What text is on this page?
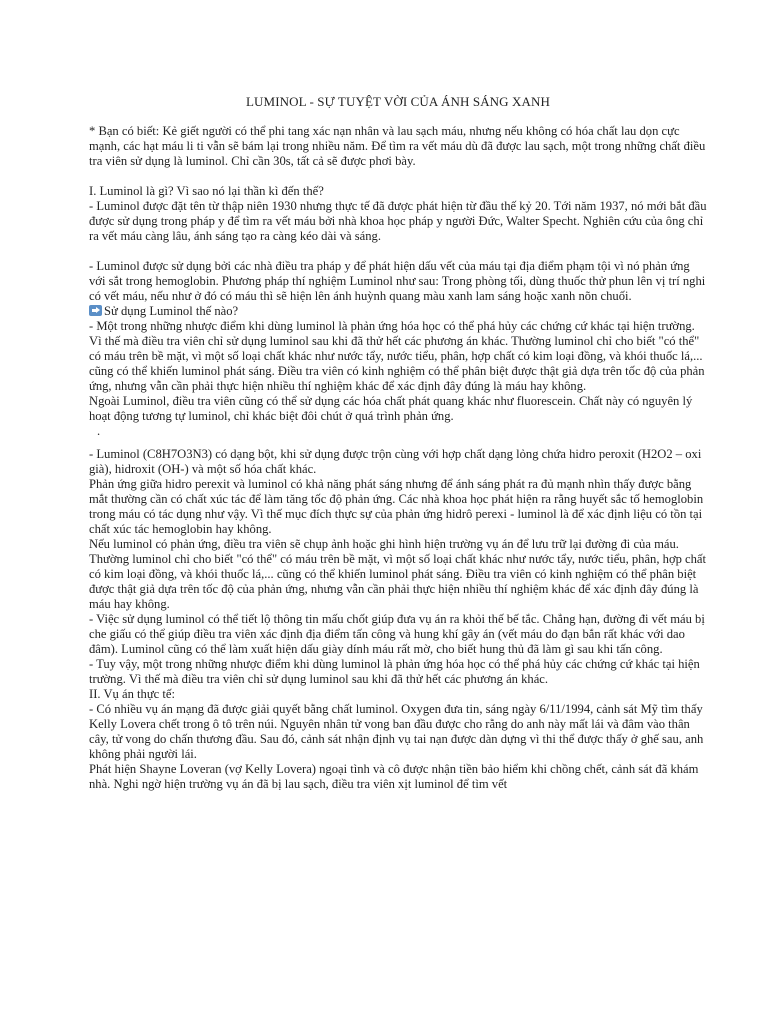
LUMINOL - SỰ TUYỆT VỜI CỦA ÁNH SÁNG XANH

* Bạn có biết: Kẻ giết người có thể phi tang xác nạn nhân và lau sạch máu, nhưng nếu không có hóa chất lau dọn cực mạnh, các hạt máu li ti vẫn sẽ bám lại trong nhiều năm. Để tìm ra vết máu dù đã được lau sạch, một trong những chất điều tra viên sử dụng là luminol. Chỉ cần 30s, tất cả sẽ được phơi bày.

I. Luminol là gì? Vì sao nó lại thần kì đến thế?

- Luminol được đặt tên từ thập niên 1930 nhưng thực tế đã được phát hiện từ đầu thế kỷ 20. Tới năm 1937, nó mới bắt đầu được sử dụng trong pháp y để tìm ra vết máu bởi nhà khoa học pháp y người Đức, Walter Specht. Nghiên cứu của ông chỉ ra vết máu càng lâu, ánh sáng tạo ra càng kéo dài và sáng.

- Luminol được sử dụng bởi các nhà điều tra pháp y để phát hiện dấu vết của máu tại địa điểm phạm tội vì nó phản ứng với sắt trong hemoglobin. Phương pháp thí nghiệm Luminol như sau: Trong phòng tối, dùng thuốc thử phun lên vị trí nghi có vết máu, nếu như ở đó có máu thì sẽ hiện lên ánh huỳnh quang màu xanh lam sáng hoặc xanh nõn chuối.

Sử dụng Luminol thế nào?

- Một trong những nhược điểm khi dùng luminol là phản ứng hóa học có thể phá hủy các chứng cứ khác tại hiện trường. Vì thế mà điều tra viên chỉ sử dụng luminol sau khi đã thử hết các phương án khác. Thường luminol chỉ cho biết "có thể" có máu trên bề mặt, vì một số loại chất khác như nước tẩy, nước tiểu, phân, hợp chất có kim loại đồng, và khói thuốc lá,... cũng có thể khiến luminol phát sáng. Điều tra viên có kinh nghiệm có thể phân biệt được thật giả dựa trên tốc độ của phản ứng, nhưng vẫn cần phải thực hiện nhiều thí nghiệm khác để xác định đây đúng là máu hay không.

Ngoài Luminol, điều tra viên cũng có thể sử dụng các hóa chất phát quang khác như fluorescein. Chất này có nguyên lý hoạt động tương tự luminol, chỉ khác biệt đôi chút ở quá trình phản ứng.

.

- Luminol (C8H7O3N3) có dạng bột, khi sử dụng được trộn cùng với hợp chất dạng lỏng chứa hidro peroxit (H2O2 – oxi già), hidroxit (OH-) và một số hóa chất khác.

Phản ứng giữa hidro perexit và luminol có khả năng phát sáng nhưng để ánh sáng phát ra đủ mạnh nhìn thấy được bằng mắt thường cần có chất xúc tác để làm tăng tốc độ phản ứng. Các nhà khoa học phát hiện ra rằng huyết sắc tố hemoglobin trong máu có tác dụng như vậy. Vì thế mục đích thực sự của phản ứng hidrô perexi - luminol là để xác định liệu có tồn tại chất xúc tác hemoglobin hay không.

Nếu luminol có phản ứng, điều tra viên sẽ chụp ảnh hoặc ghi hình hiện trường vụ án để lưu trữ lại đường đi của máu. Thường luminol chỉ cho biết "có thể" có máu trên bề mặt, vì một số loại chất khác như nước tẩy, nước tiểu, phân, hợp chất có kim loại đồng, và khói thuốc lá,... cũng có thể khiến luminol phát sáng. Điều tra viên có kinh nghiệm có thể phân biệt được thật giả dựa trên tốc độ của phản ứng, nhưng vẫn cần phải thực hiện nhiều thí nghiệm khác để xác định đây đúng là máu hay không.

- Việc sử dụng luminol có thể tiết lộ thông tin mấu chốt giúp đưa vụ án ra khỏi thế bế tắc. Chẳng hạn, đường đi vết máu bị che giấu có thể giúp điều tra viên xác định địa điểm tấn công và hung khí gây án (vết máu do đạn bắn rất khác với dao đâm). Luminol cũng có thể làm xuất hiện dấu giày dính máu rất mờ, cho biết hung thủ đã làm gì sau khi tấn công.

- Tuy vậy, một trong những nhược điểm khi dùng luminol là phản ứng hóa học có thể phá hủy các chứng cứ khác tại hiện trường. Vì thế mà điều tra viên chỉ sử dụng luminol sau khi đã thử hết các phương án khác.

II. Vụ án thực tế:

- Có nhiều vụ án mạng đã được giải quyết bằng chất luminol. Oxygen đưa tin, sáng ngày 6/11/1994, cảnh sát Mỹ tìm thấy Kelly Lovera chết trong ô tô trên núi. Nguyên nhân tử vong ban đầu được cho rằng do anh này mất lái và đâm vào thân cây, tử vong do chấn thương đầu. Sau đó, cảnh sát nhận định vụ tai nạn được dàn dựng vì thi thể được thấy ở ghế sau, anh không phải người lái.

Phát hiện Shayne Loveran (vợ Kelly Lovera) ngoại tình và cô được nhận tiền bảo hiểm khi chồng chết, cảnh sát đã khám nhà. Nghi ngờ hiện trường vụ án đã bị lau sạch, điều tra viên xịt luminol để tìm vết
